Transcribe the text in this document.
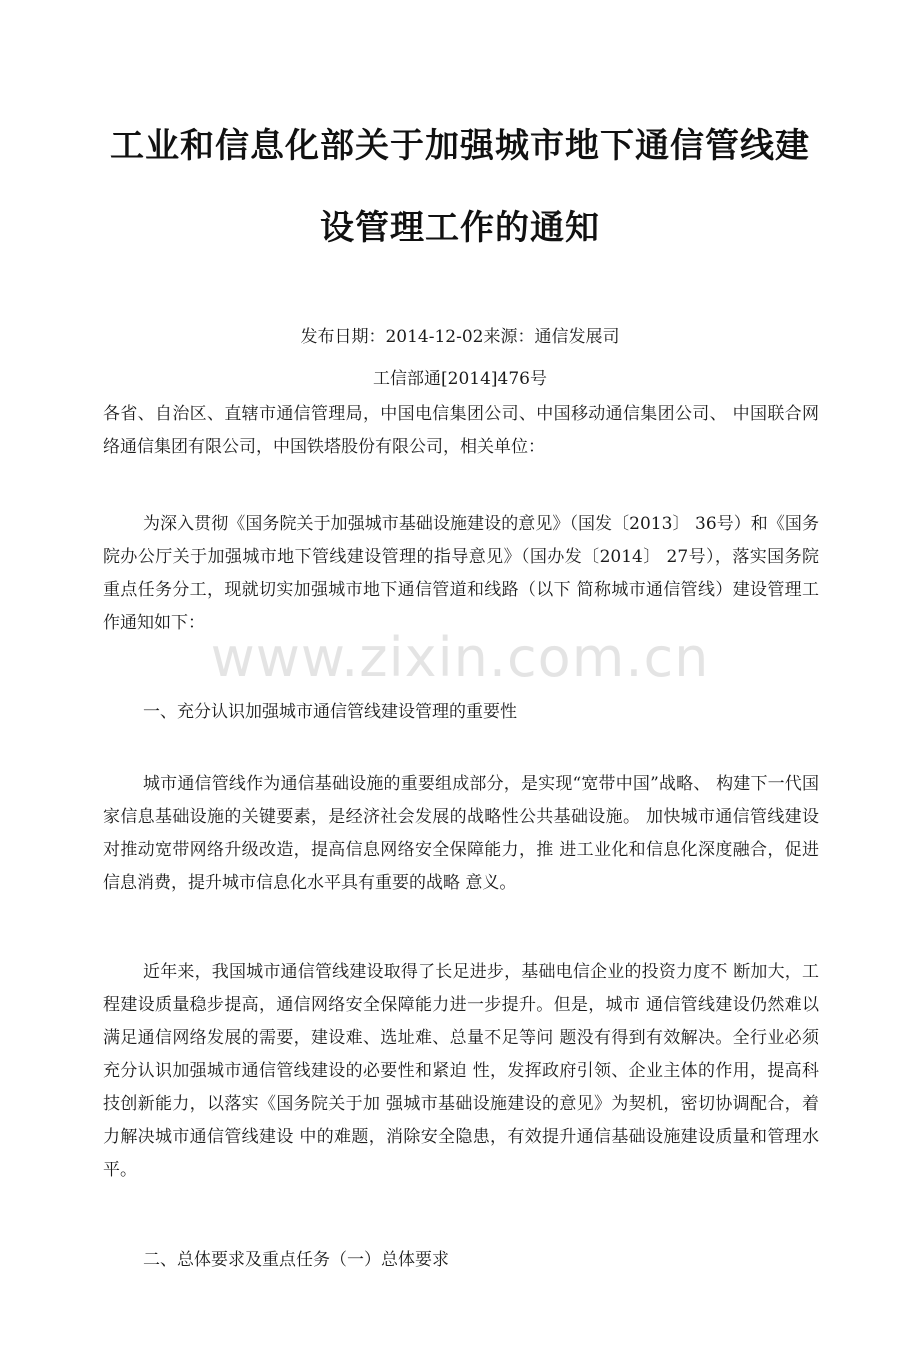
工业和信息化部关于加强城市地下通信管线建
设管理工作的通知
发布日期：2014-12-02来源：通信发展司
工信部通[2014]476号

各省、自治区、直辖市通信管理局，中国电信集团公司、中国移动通信集团公司、 中国联合网络通信集团有限公司，中国铁塔股份有限公司，相关单位：

为深入贯彻《国务院关于加强城市基础设施建设的意见》（国发〔2013〕 36号）和《国务院办公厅关于加强城市地下管线建设管理的指导意见》（国办发〔2014〕 27号），落实国务院重点任务分工，现就切实加强城市地下通信管道和线路（以下 简称城市通信管线）建设管理工作通知如下：

www.zixin.com.cn

一、充分认识加强城市通信管线建设管理的重要性

城市通信管线作为通信基础设施的重要组成部分，是实现“宽带中国”战略、 构建下一代国家信息基础设施的关键要素，是经济社会发展的战略性公共基础设施。 加快城市通信管线建设对推动宽带网络升级改造，提高信息网络安全保障能力，推 进工业化和信息化深度融合，促进信息消费，提升城市信息化水平具有重要的战略 意义。

近年来，我国城市通信管线建设取得了长足进步，基础电信企业的投资力度不 断加大，工程建设质量稳步提高，通信网络安全保障能力进一步提升。但是，城市 通信管线建设仍然难以满足通信网络发展的需要，建设难、选址难、总量不足等问 题没有得到有效解决。全行业必须充分认识加强城市通信管线建设的必要性和紧迫 性，发挥政府引领、企业主体的作用，提高科技创新能力，以落实《国务院关于加 强城市基础设施建设的意见》为契机，密切协调配合，着力解决城市通信管线建设 中的难题，消除安全隐患，有效提升通信基础设施建设质量和管理水平。

二、总体要求及重点任务（一）总体要求
